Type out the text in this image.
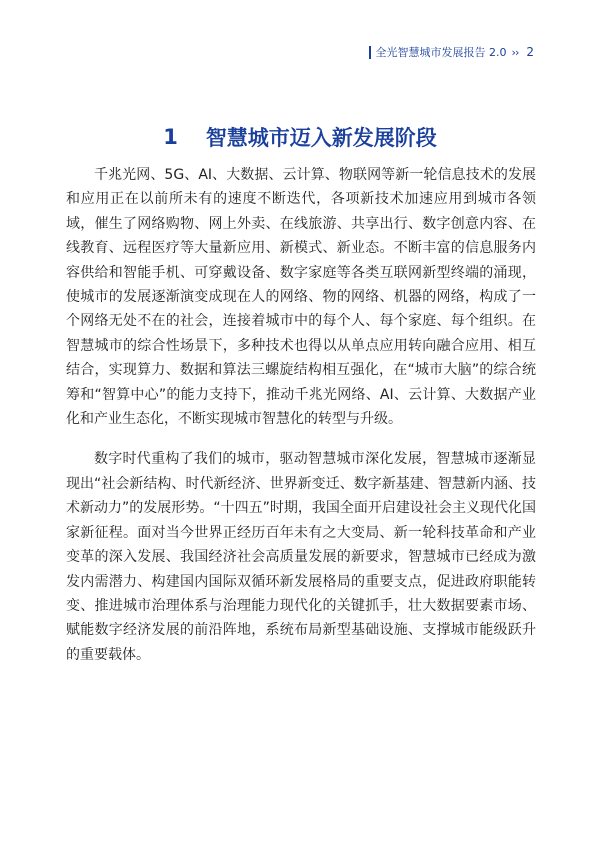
全光智慧城市发展报告 2.0 ›› 2
1 智慧城市迈入新发展阶段

千兆光网、5G、AI、大数据、云计算、物联网等新一轮信息技术的发展和应用正在以前所未有的速度不断迭代，各项新技术加速应用到城市各领域，催生了网络购物、网上外卖、在线旅游、共享出行、数字创意内容、在线教育、远程医疗等大量新应用、新模式、新业态。不断丰富的信息服务内容供给和智能手机、可穿戴设备、数字家庭等各类互联网新型终端的涌现，使城市的发展逐渐演变成现在人的网络、物的网络、机器的网络，构成了一个网络无处不在的社会，连接着城市中的每个人、每个家庭、每个组织。在智慧城市的综合性场景下，多种技术也得以从单点应用转向融合应用、相互结合，实现算力、数据和算法三螺旋结构相互强化，在“城市大脑”的综合统筹和“智算中心”的能力支持下，推动千兆光网络、AI、云计算、大数据产业化和产业生态化，不断实现城市智慧化的转型与升级。

数字时代重构了我们的城市，驱动智慧城市深化发展，智慧城市逐渐显现出“社会新结构、时代新经济、世界新变迁、数字新基建、智慧新内涵、技术新动力”的发展形势。“十四五”时期，我国全面开启建设社会主义现代化国家新征程。面对当今世界正经历百年未有之大变局、新一轮科技革命和产业变革的深入发展、我国经济社会高质量发展的新要求，智慧城市已经成为激发内需潜力、构建国内国际双循环新发展格局的重要支点，促进政府职能转变、推进城市治理体系与治理能力现代化的关键抓手，壮大数据要素市场、赋能数字经济发展的前沿阵地，系统布局新型基础设施、支撑城市能级跃升的重要载体。
